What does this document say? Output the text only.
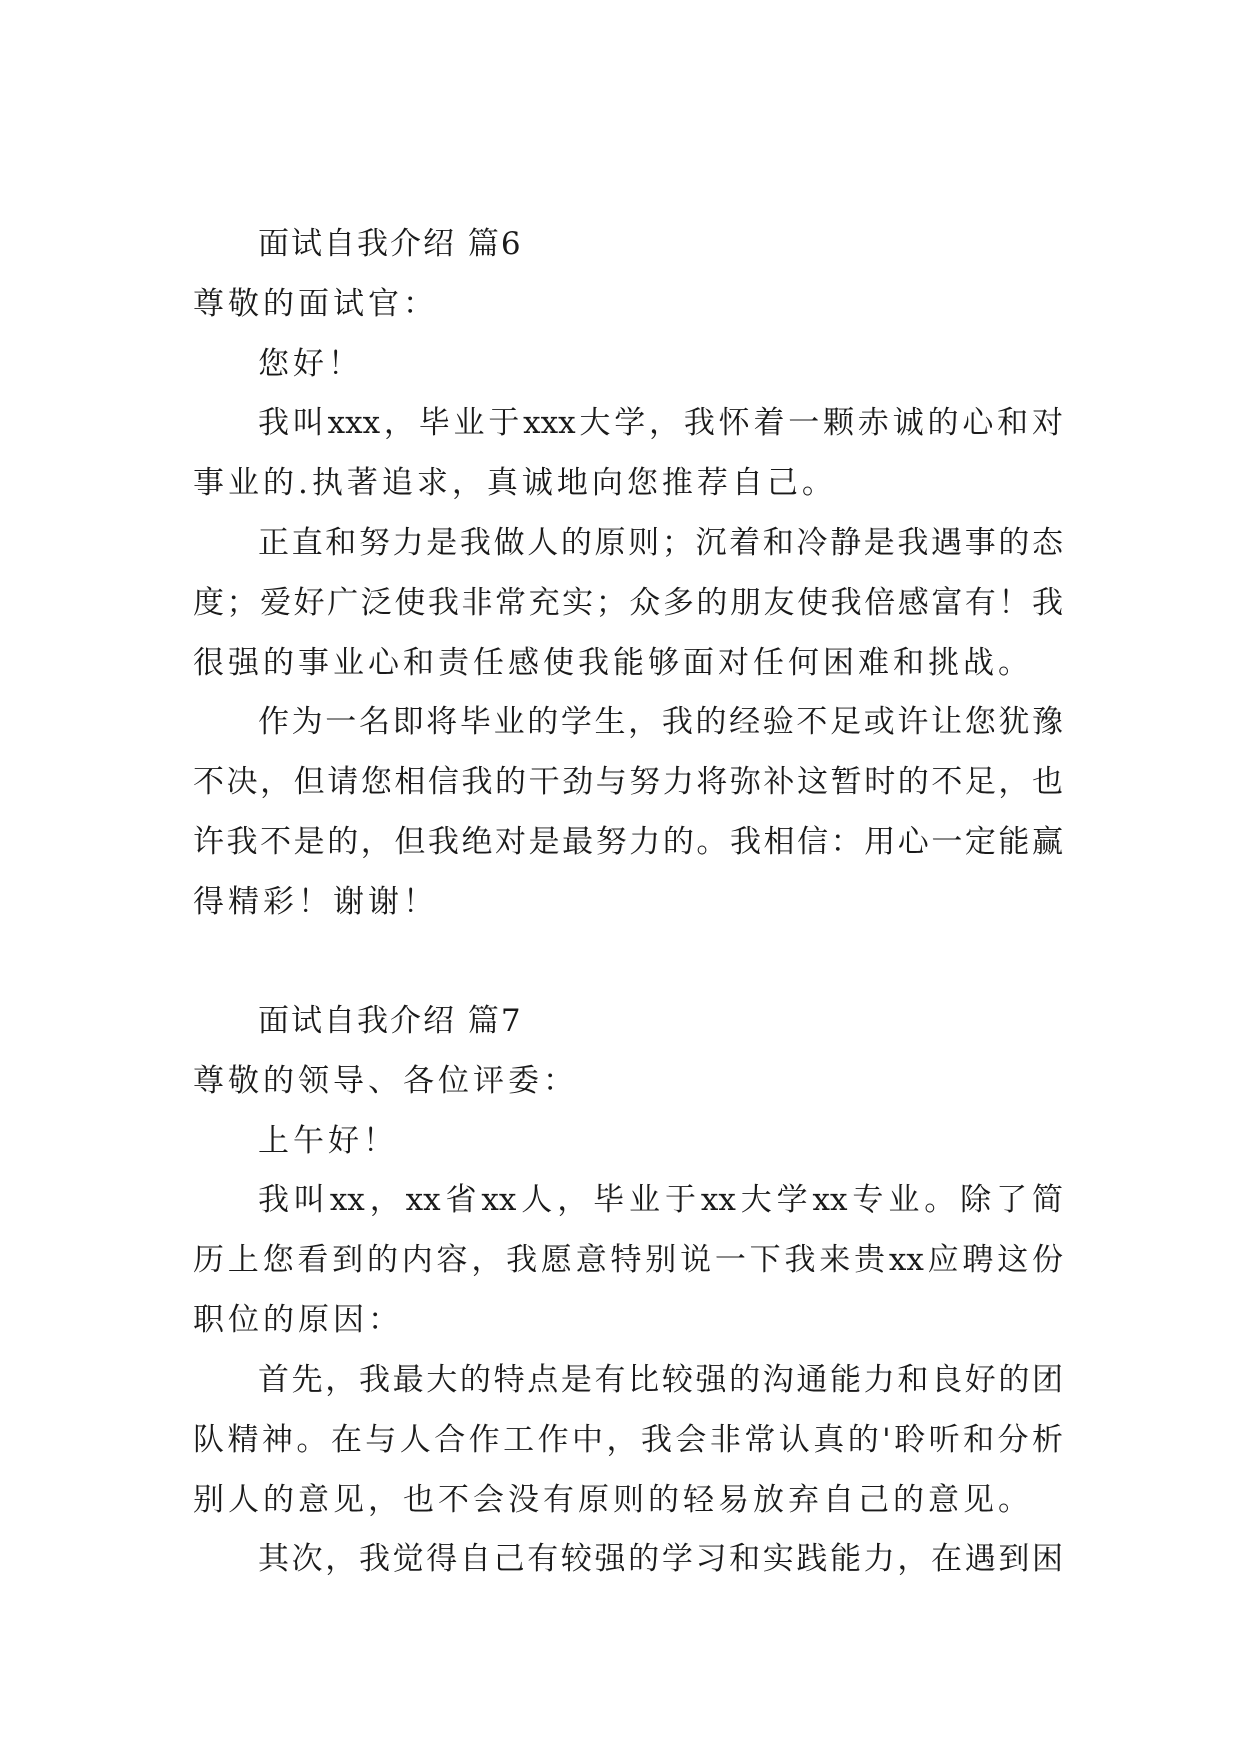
面试自我介绍 篇6
尊敬的面试官：
您好！
我叫xxx，毕业于xxx大学，我怀着一颗赤诚的心和对
事业的.执著追求，真诚地向您推荐自己。
正直和努力是我做人的原则；沉着和冷静是我遇事的态
度；爱好广泛使我非常充实；众多的朋友使我倍感富有！我
很强的事业心和责任感使我能够面对任何困难和挑战。
作为一名即将毕业的学生，我的经验不足或许让您犹豫
不决，但请您相信我的干劲与努力将弥补这暂时的不足，也
许我不是的，但我绝对是最努力的。我相信：用心一定能赢
得精彩！谢谢！
面试自我介绍 篇7
尊敬的领导、各位评委：
上午好！
我叫xx，xx省xx人，毕业于xx大学xx专业。除了简
历上您看到的内容，我愿意特别说一下我来贵xx应聘这份
职位的原因：
首先，我最大的特点是有比较强的沟通能力和良好的团
队精神。在与人合作工作中，我会非常认真的'聆听和分析
别人的意见，也不会没有原则的轻易放弃自己的意见。
其次，我觉得自己有较强的学习和实践能力，在遇到困
